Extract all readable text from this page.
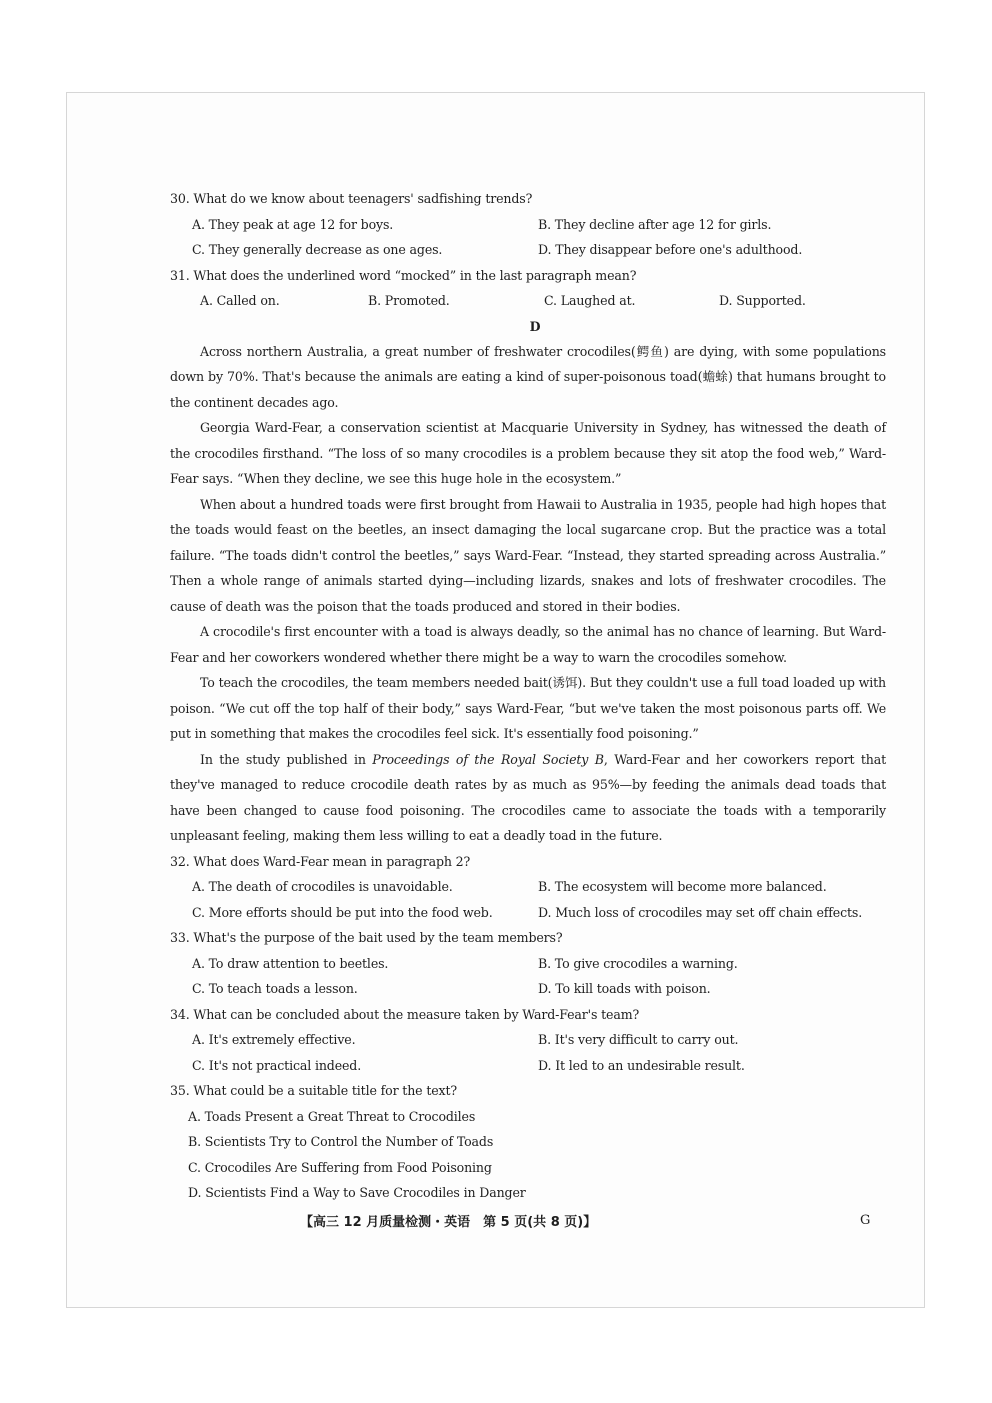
30. What do we know about teenagers' sadfishing trends?
A. They peak at age 12 for boys.	B. They decline after age 12 for girls.
C. They generally decrease as one ages.	D. They disappear before one's adulthood.
31. What does the underlined word “mocked” in the last paragraph mean?
A. Called on.	B. Promoted.	C. Laughed at.	D. Supported.
D

Across northern Australia, a great number of freshwater crocodiles(鳄鱼) are dying, with some populations down by 70%. That's because the animals are eating a kind of super-poisonous toad(蟾蜍) that humans brought to the continent decades ago.

Georgia Ward-Fear, a conservation scientist at Macquarie University in Sydney, has witnessed the death of the crocodiles firsthand. “The loss of so many crocodiles is a problem because they sit atop the food web,” Ward-Fear says. “When they decline, we see this huge hole in the ecosystem.”

When about a hundred toads were first brought from Hawaii to Australia in 1935, people had high hopes that the toads would feast on the beetles, an insect damaging the local sugarcane crop. But the practice was a total failure. “The toads didn't control the beetles,” says Ward-Fear. “Instead, they started spreading across Australia.” Then a whole range of animals started dying—including lizards, snakes and lots of freshwater crocodiles. The cause of death was the poison that the toads produced and stored in their bodies.

A crocodile's first encounter with a toad is always deadly, so the animal has no chance of learning. But Ward-Fear and her coworkers wondered whether there might be a way to warn the crocodiles somehow.

To teach the crocodiles, the team members needed bait(诱饵). But they couldn't use a full toad loaded up with poison. “We cut off the top half of their body,” says Ward-Fear, “but we've taken the most poisonous parts off. We put in something that makes the crocodiles feel sick. It's essentially food poisoning.”

In the study published in Proceedings of the Royal Society B, Ward-Fear and her coworkers report that they've managed to reduce crocodile death rates by as much as 95%—by feeding the animals dead toads that have been changed to cause food poisoning. The crocodiles came to associate the toads with a temporarily unpleasant feeling, making them less willing to eat a deadly toad in the future.

32. What does Ward-Fear mean in paragraph 2?
A. The death of crocodiles is unavoidable.	B. The ecosystem will become more balanced.
C. More efforts should be put into the food web.	D. Much loss of crocodiles may set off chain effects.
33. What's the purpose of the bait used by the team members?
A. To draw attention to beetles.	B. To give crocodiles a warning.
C. To teach toads a lesson.	D. To kill toads with poison.
34. What can be concluded about the measure taken by Ward-Fear's team?
A. It's extremely effective.	B. It's very difficult to carry out.
C. It's not practical indeed.	D. It led to an undesirable result.
35. What could be a suitable title for the text?
A. Toads Present a Great Threat to Crocodiles
B. Scientists Try to Control the Number of Toads
C. Crocodiles Are Suffering from Food Poisoning
D. Scientists Find a Way to Save Crocodiles in Danger
【高三 12 月质量检测・英语　第 5 页(共 8 页)】	G
